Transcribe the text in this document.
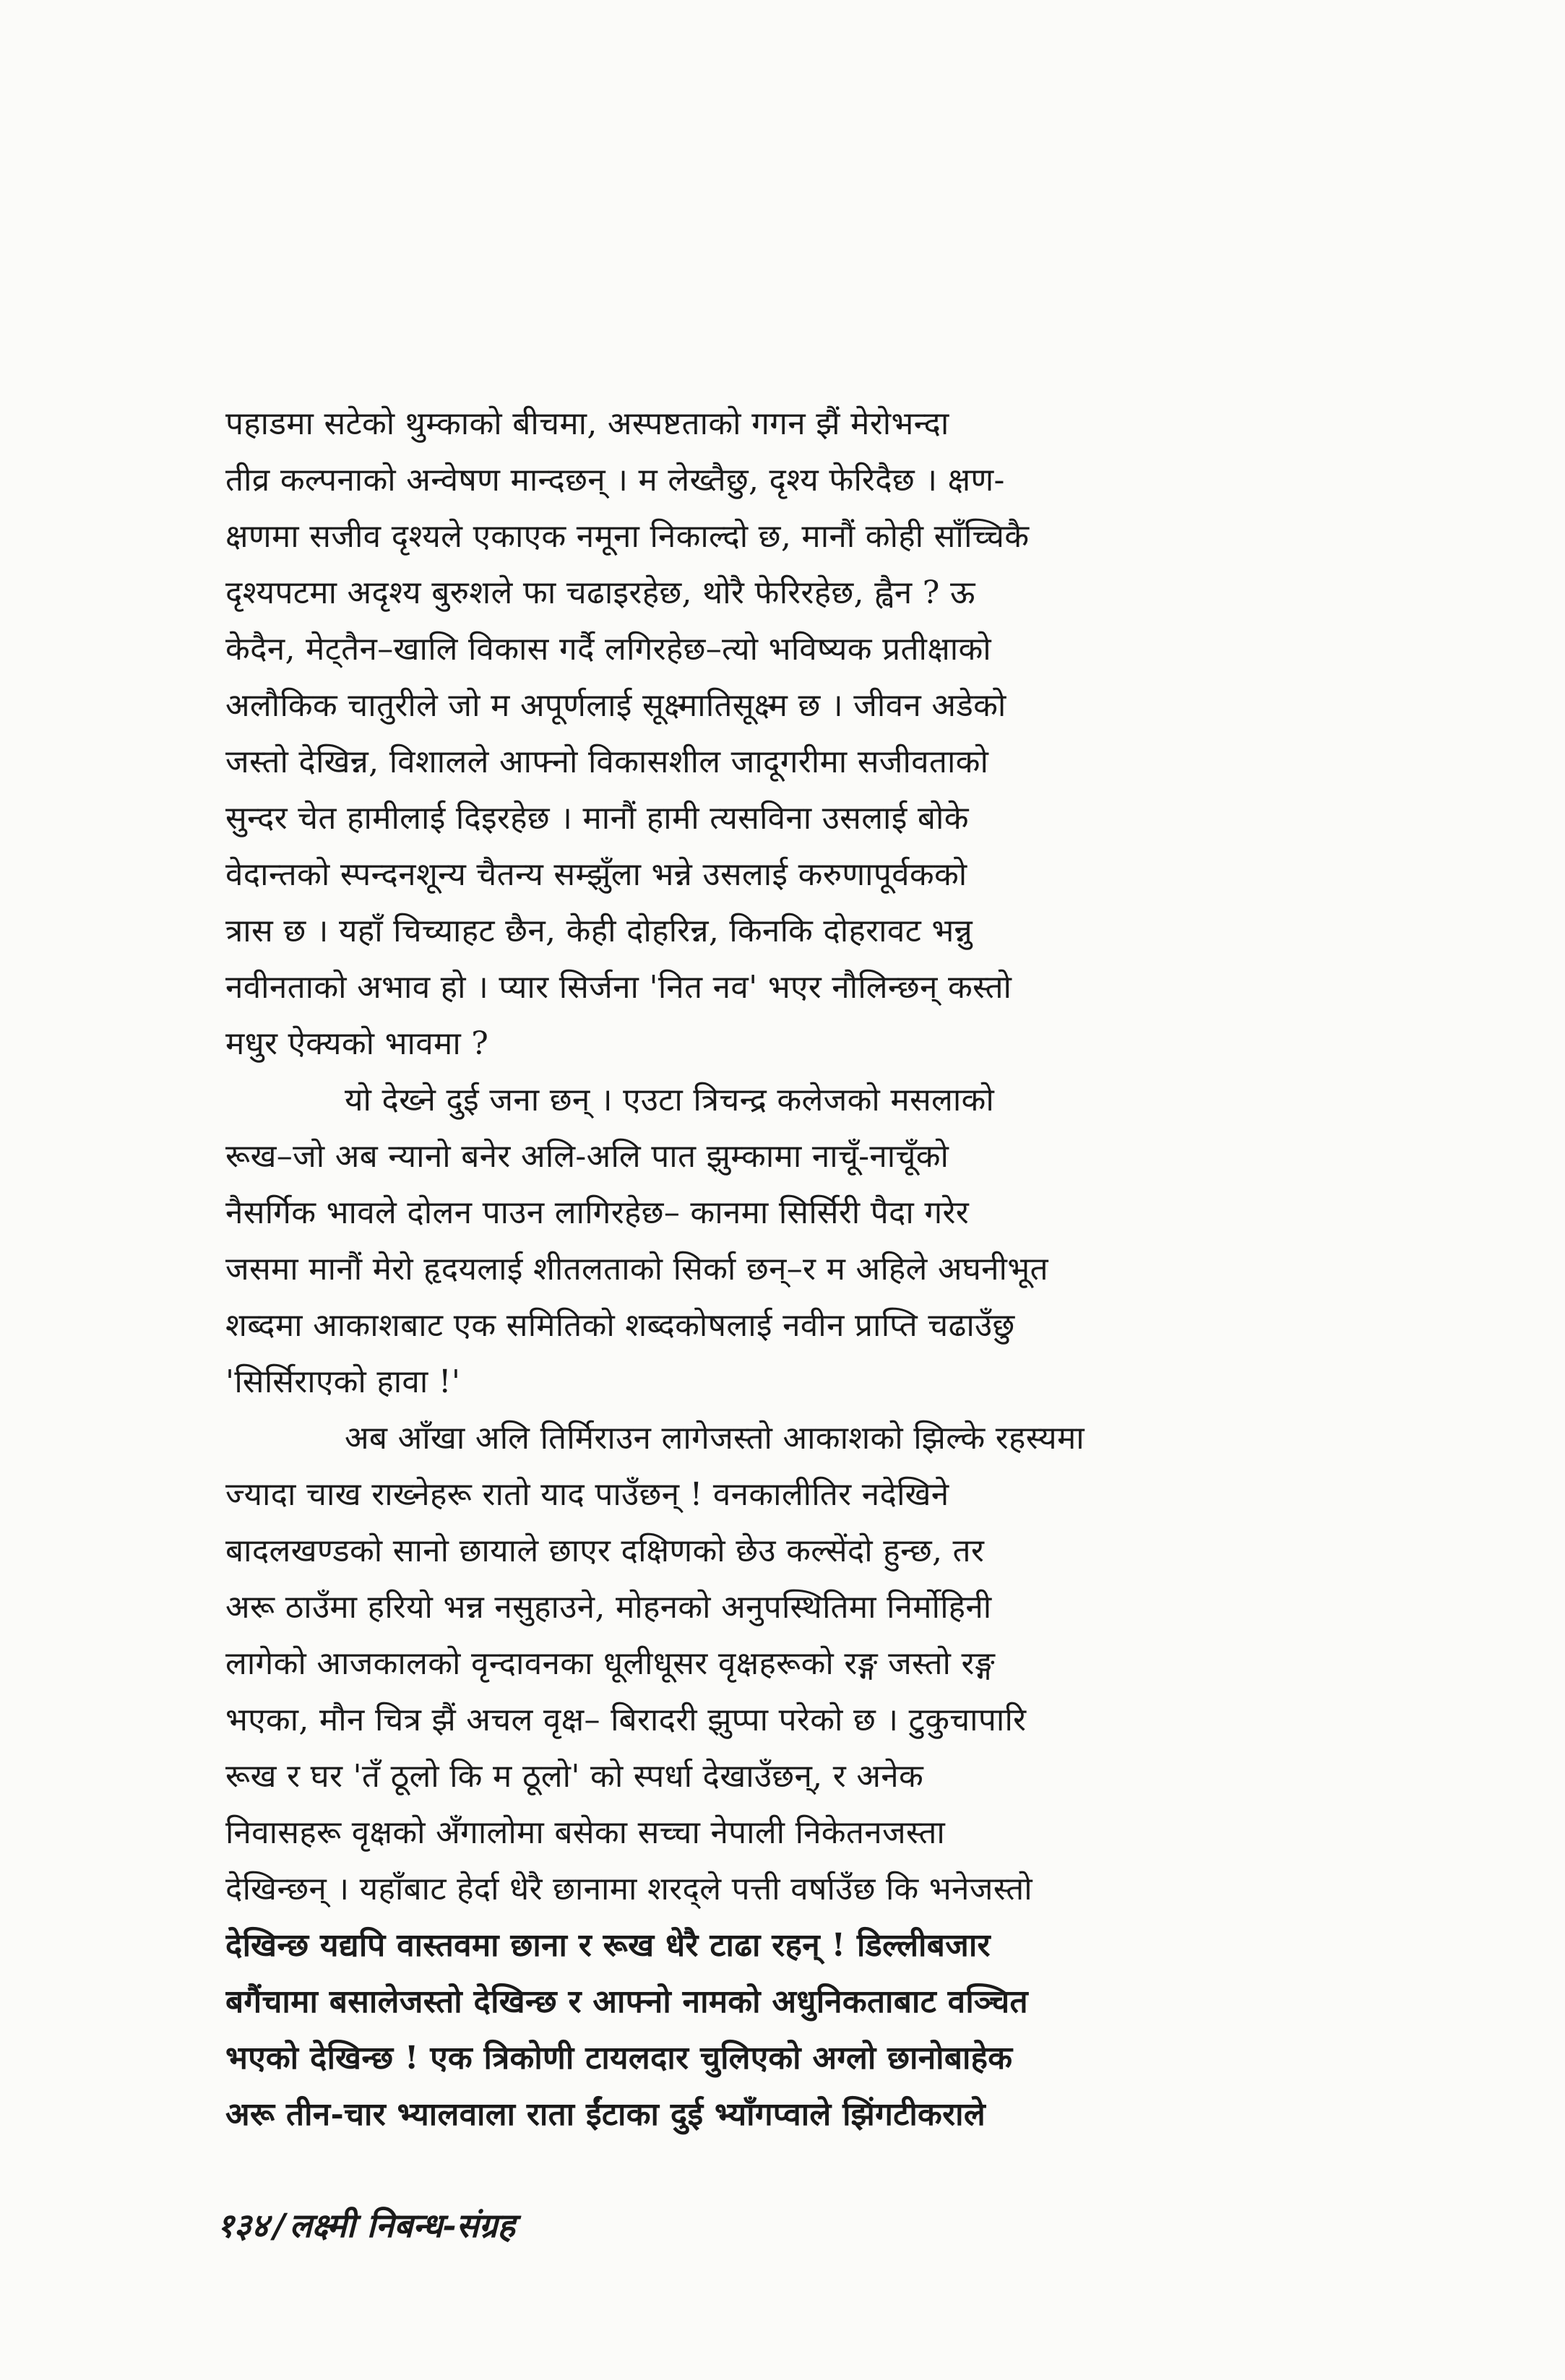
पहाडमा सटेको थुम्काको बीचमा, अस्पष्टताको गगन झैं मेरोभन्दा
तीव्र कल्पनाको अन्वेषण मान्दछन् । म लेख्तैछु, दृश्य फेरिदैछ । क्षण-
क्षणमा सजीव दृश्यले एकाएक नमूना निकाल्दो छ, मानौं कोही साँच्चिकै
दृश्यपटमा अदृश्य बुरुशले फा चढाइरहेछ, थोरै फेरिरहेछ, ह्वैन ? ऊ
केदैन, मेट्तैन–खालि विकास गर्दै लगिरहेछ–त्यो भविष्यक प्रतीक्षाको
अलौकिक चातुरीले जो म अपूर्णलाई सूक्ष्मातिसूक्ष्म छ । जीवन अडेको
जस्तो देखिन्न, विशालले आफ्नो विकासशील जादूगरीमा सजीवताको
सुन्दर चेत हामीलाई दिइरहेछ । मानौं हामी त्यसविना उसलाई बोके
वेदान्तको स्पन्दनशून्य चैतन्य सम्झुँला भन्ने उसलाई करुणापूर्वकको
त्रास छ । यहाँ चिच्याहट छैन, केही दोहरिन्न, किनकि दोहरावट भन्नु
नवीनताको अभाव हो । प्यार सिर्जना 'नित नव' भएर नौलिन्छन् कस्तो
मधुर ऐक्यको भावमा ?
यो देख्ने दुई जना छन् । एउटा त्रिचन्द्र कलेजको मसलाको
रूख–जो अब न्यानो बनेर अलि-अलि पात झुम्कामा नाचूँ-नाचूँको
नैसर्गिक भावले दोलन पाउन लागिरहेछ– कानमा सिर्सिरी पैदा गरेर
जसमा मानौं मेरो हृदयलाई शीतलताको सिर्का छन्–र म अहिले अघनीभूत
शब्दमा आकाशबाट एक समितिको शब्दकोषलाई नवीन प्राप्ति चढाउँछु
'सिर्सिराएको हावा !'
अब आँखा अलि तिर्मिराउन लागेजस्तो आकाशको झिल्के रहस्यमा
ज्यादा चाख राख्नेहरू रातो याद पाउँछन् ! वनकालीतिर नदेखिने
बादलखण्डको सानो छायाले छाएर दक्षिणको छेउ कल्सेंदो हुन्छ, तर
अरू ठाउँमा हरियो भन्न नसुहाउने, मोहनको अनुपस्थितिमा निर्मोहिनी
लागेको आजकालको वृन्दावनका धूलीधूसर वृक्षहरूको रङ्ग जस्तो रङ्ग
भएका, मौन चित्र झैं अचल वृक्ष– बिरादरी झुप्पा परेको छ । टुकुचापारि
रूख र घर 'तँ ठूलो कि म ठूलो' को स्पर्धा देखाउँछन्, र अनेक
निवासहरू वृक्षको अँगालोमा बसेका सच्चा नेपाली निकेतनजस्ता
देखिन्छन् । यहाँबाट हेर्दा धेरै छानामा शरद्ले पत्ती वर्षाउँछ कि भनेजस्तो
देखिन्छ यद्यपि वास्तवमा छाना र रूख धेरै टाढा रहन् ! डिल्लीबजार
बगैंचामा बसालेजस्तो देखिन्छ र आफ्नो नामको अधुनिकताबाट वञ्चित
भएको देखिन्छ ! एक त्रिकोणी टायलदार चुलिएको अग्लो छानोबाहेक
अरू तीन-चार भ्यालवाला राता ईंटाका दुई भ्याँगप्वाले झिंगटीकराले
१३४ / लक्ष्मी निबन्ध-संग्रह
